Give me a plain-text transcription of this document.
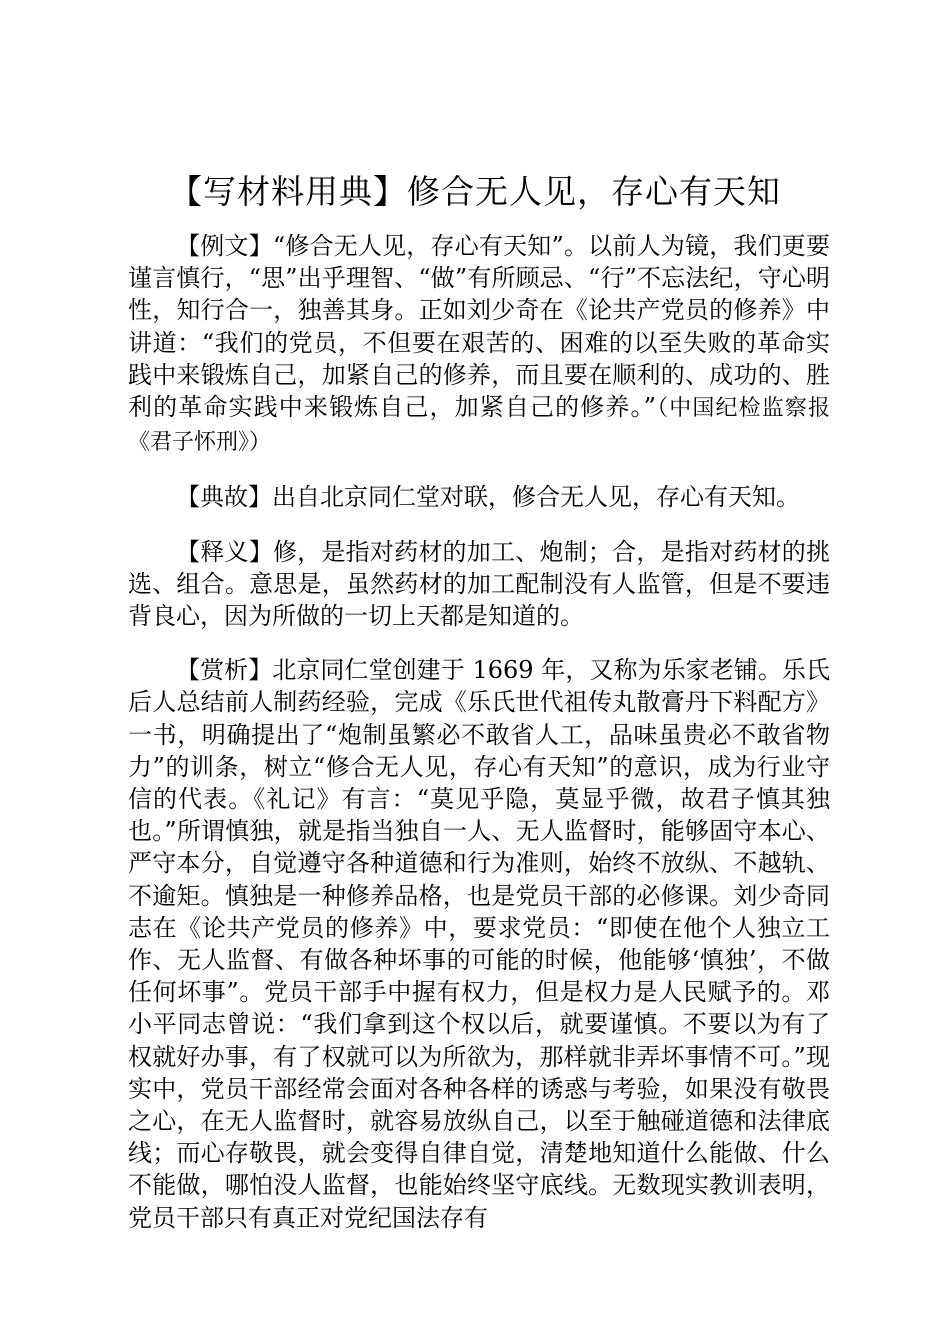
【写材料用典】修合无人见，存心有天知

【例文】“修合无人见，存心有天知”。以前人为镜，我们更要谨言慎行，“思”出乎理智、“做”有所顾忌、“行”不忘法纪，守心明性，知行合一，独善其身。正如刘少奇在《论共产党员的修养》中讲道：“我们的党员，不但要在艰苦的、困难的以至失败的革命实践中来锻炼自己，加紧自己的修养，而且要在顺利的、成功的、胜利的革命实践中来锻炼自己，加紧自己的修养。”（中国纪检监察报《君子怀刑》）

【典故】出自北京同仁堂对联，修合无人见，存心有天知。

【释义】修，是指对药材的加工、炮制；合，是指对药材的挑选、组合。意思是，虽然药材的加工配制没有人监管，但是不要违背良心，因为所做的一切上天都是知道的。

【赏析】北京同仁堂创建于 1669 年，又称为乐家老铺。乐氏后人总结前人制药经验，完成《乐氏世代祖传丸散膏丹下料配方》一书，明确提出了“炮制虽繁必不敢省人工，品味虽贵必不敢省物力”的训条，树立“修合无人见，存心有天知”的意识，成为行业守信的代表。《礼记》有言：“莫见乎隐，莫显乎微，故君子慎其独也。”所谓慎独，就是指当独自一人、无人监督时，能够固守本心、严守本分，自觉遵守各种道德和行为准则，始终不放纵、不越轨、不逾矩。慎独是一种修养品格，也是党员干部的必修课。刘少奇同志在《论共产党员的修养》中，要求党员：“即使在他个人独立工作、无人监督、有做各种坏事的可能的时候，他能够‘慎独’，不做任何坏事”。党员干部手中握有权力，但是权力是人民赋予的。邓小平同志曾说：“我们拿到这个权以后，就要谨慎。不要以为有了权就好办事，有了权就可以为所欲为，那样就非弄坏事情不可。”现实中，党员干部经常会面对各种各样的诱惑与考验，如果没有敬畏之心，在无人监督时，就容易放纵自己，以至于触碰道德和法律底线；而心存敬畏，就会变得自律自觉，清楚地知道什么能做、什么不能做，哪怕没人监督，也能始终坚守底线。无数现实教训表明，党员干部只有真正对党纪国法存有
